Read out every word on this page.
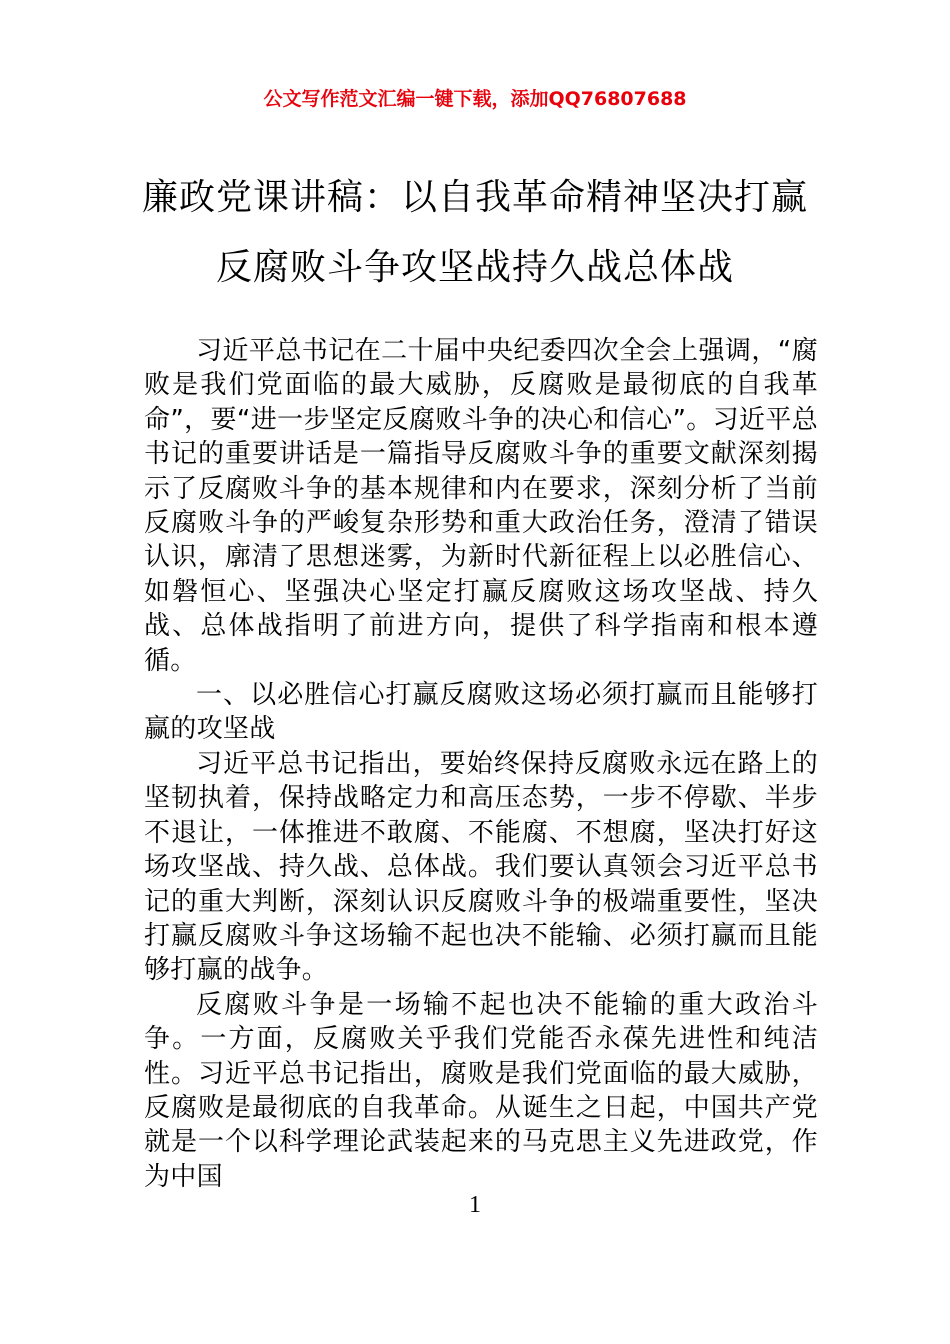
公文写作范文汇编一键下载，添加QQ76807688
廉政党课讲稿：以自我革命精神坚决打赢
反腐败斗争攻坚战持久战总体战

习近平总书记在二十届中央纪委四次全会上强调，“腐败是我们党面临的最大威胁，反腐败是最彻底的自我革命”，要“进一步坚定反腐败斗争的决心和信心”。习近平总书记的重要讲话是一篇指导反腐败斗争的重要文献深刻揭示了反腐败斗争的基本规律和内在要求，深刻分析了当前反腐败斗争的严峻复杂形势和重大政治任务，澄清了错误认识，廓清了思想迷雾，为新时代新征程上以必胜信心、如磐恒心、坚强决心坚定打赢反腐败这场攻坚战、持久战、总体战指明了前进方向，提供了科学指南和根本遵循。

一、以必胜信心打赢反腐败这场必须打赢而且能够打赢的攻坚战

习近平总书记指出，要始终保持反腐败永远在路上的坚韧执着，保持战略定力和高压态势，一步不停歇、半步不退让，一体推进不敢腐、不能腐、不想腐，坚决打好这场攻坚战、持久战、总体战。我们要认真领会习近平总书记的重大判断，深刻认识反腐败斗争的极端重要性，坚决打赢反腐败斗争这场输不起也决不能输、必须打赢而且能够打赢的战争。

反腐败斗争是一场输不起也决不能输的重大政治斗争。一方面，反腐败关乎我们党能否永葆先进性和纯洁性。习近平总书记指出，腐败是我们党面临的最大威胁，反腐败是最彻底的自我革命。从诞生之日起，中国共产党就是一个以科学理论武装起来的马克思主义先进政党，作为中国

1
